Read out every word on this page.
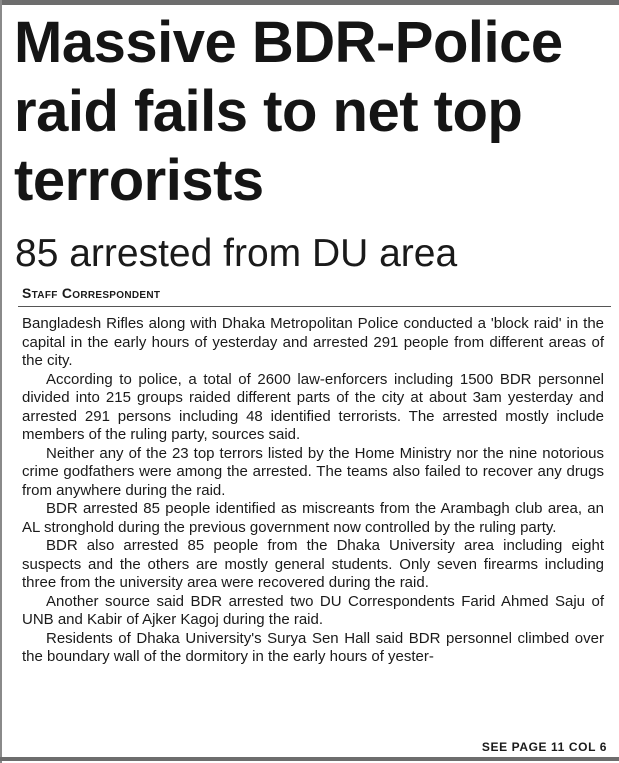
Massive BDR-Police raid fails to net top terrorists
85 arrested from DU area
Staff Correspondent

Bangladesh Rifles along with Dhaka Metropolitan Police conducted a 'block raid' in the capital in the early hours of yesterday and arrested 291 people from different areas of the city.

According to police, a total of 2600 law-enforcers including 1500 BDR personnel divided into 215 groups raided different parts of the city at about 3am yesterday and arrested 291 persons including 48 identified terrorists. The arrested mostly include members of the ruling party, sources said.

Neither any of the 23 top terrors listed by the Home Ministry nor the nine notorious crime godfathers were among the arrested. The teams also failed to recover any drugs from anywhere during the raid.

BDR arrested 85 people identified as miscreants from the Arambagh club area, an AL stronghold during the previous government now controlled by the ruling party.

BDR also arrested 85 people from the Dhaka University area including eight suspects and the others are mostly general students. Only seven firearms including three from the university area were recovered during the raid.

Another source said BDR arrested two DU Correspondents Farid Ahmed Saju of UNB and Kabir of Ajker Kagoj during the raid.

Residents of Dhaka University's Surya Sen Hall said BDR personnel climbed over the boundary wall of the dormitory in the early hours of yester-

SEE PAGE 11 COL 6
